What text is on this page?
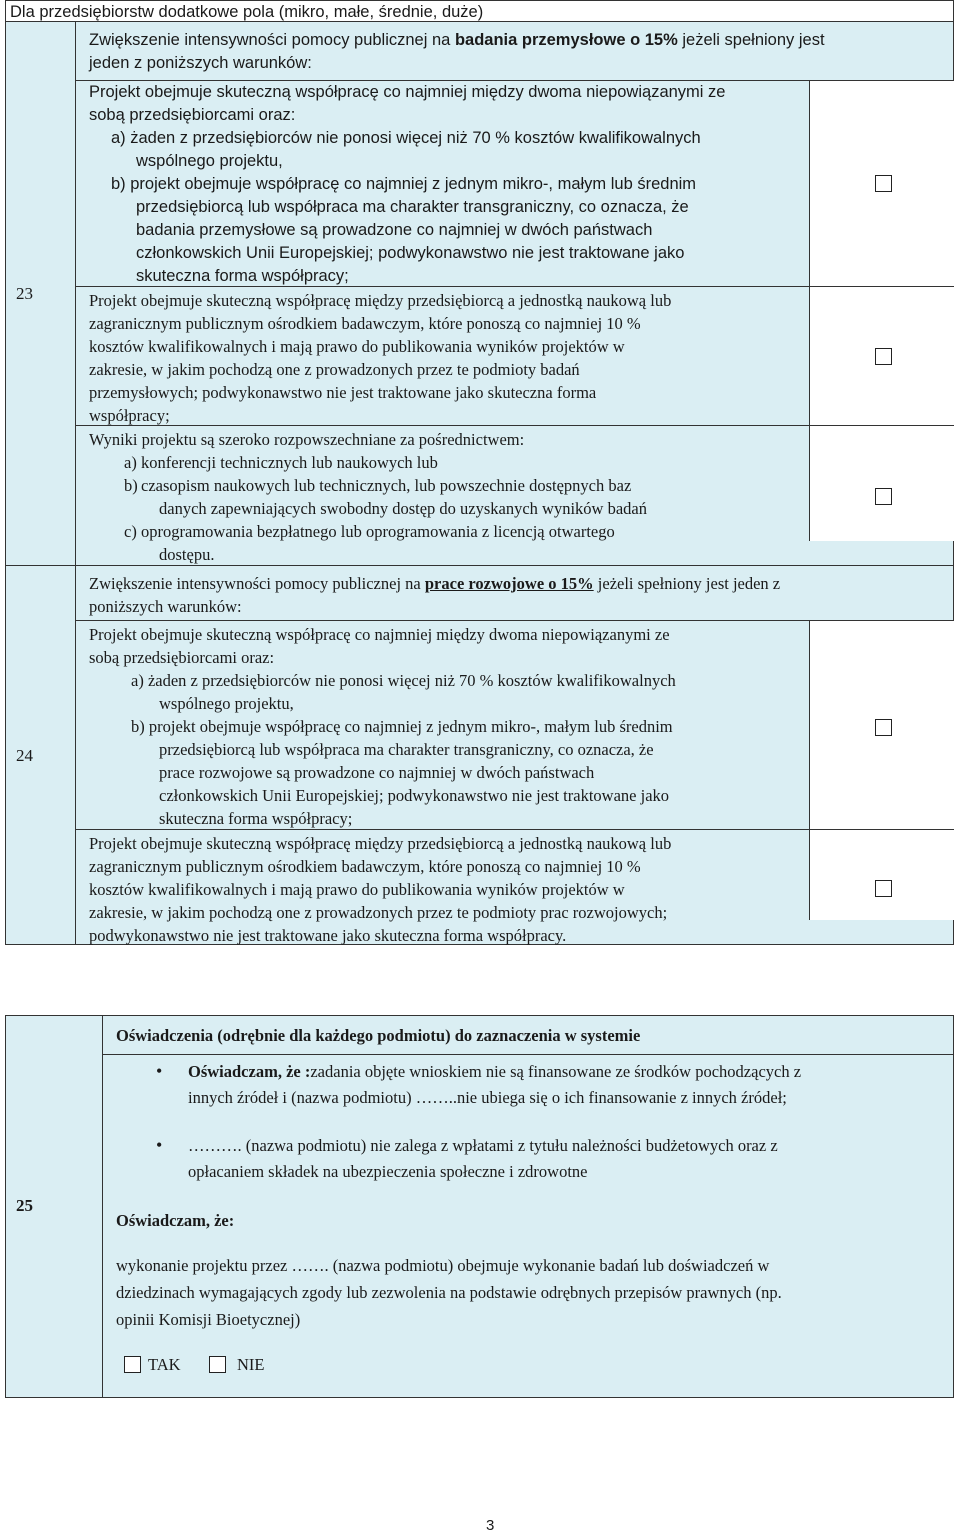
Dla przedsiębiorstw dodatkowe pola (mikro, małe, średnie, duże)
23
24
Zwiększenie intensywności pomocy publicznej na badania przemysłowe o 15% jeżeli spełniony jest
jeden z poniższych warunków:
Projekt obejmuje skuteczną współpracę co najmniej między dwoma niepowiązanymi ze
sobą przedsiębiorcami oraz:
a) żaden z przedsiębiorców nie ponosi więcej niż 70 % kosztów kwalifikowalnych
wspólnego projektu,
b) projekt obejmuje współpracę co najmniej z jednym mikro-, małym lub średnim
przedsiębiorcą lub współpraca ma charakter transgraniczny, co oznacza, że
badania przemysłowe są prowadzone co najmniej w dwóch państwach
członkowskich Unii Europejskiej; podwykonawstwo nie jest traktowane jako
skuteczna forma współpracy;
Projekt obejmuje skuteczną współpracę między przedsiębiorcą a jednostką naukową lub
zagranicznym publicznym ośrodkiem badawczym, które ponoszą co najmniej 10 %
kosztów kwalifikowalnych i mają prawo do publikowania wyników projektów w
zakresie, w jakim pochodzą one z prowadzonych przez te podmioty badań
przemysłowych; podwykonawstwo nie jest traktowane jako skuteczna forma
współpracy;
Wyniki projektu są szeroko rozpowszechniane za pośrednictwem:
a) konferencji technicznych lub naukowych lub
b) czasopism naukowych lub technicznych, lub powszechnie dostępnych baz
danych zapewniających swobodny dostęp do uzyskanych wyników badań
c) oprogramowania bezpłatnego lub oprogramowania z licencją otwartego
dostępu.
Zwiększenie intensywności pomocy publicznej na prace rozwojowe o 15% jeżeli spełniony jest jeden z
poniższych warunków:
Projekt obejmuje skuteczną współpracę co najmniej między dwoma niepowiązanymi ze
sobą przedsiębiorcami oraz:
a) żaden z przedsiębiorców nie ponosi więcej niż 70 % kosztów kwalifikowalnych
wspólnego projektu,
b) projekt obejmuje współpracę co najmniej z jednym mikro-, małym lub średnim
przedsiębiorcą lub współpraca ma charakter transgraniczny, co oznacza, że
prace rozwojowe są prowadzone co najmniej w dwóch państwach
członkowskich Unii Europejskiej; podwykonawstwo nie jest traktowane jako
skuteczna forma współpracy;
Projekt obejmuje skuteczną współpracę między przedsiębiorcą a jednostką naukową lub
zagranicznym publicznym ośrodkiem badawczym, które ponoszą co najmniej 10 %
kosztów kwalifikowalnych i mają prawo do publikowania wyników projektów w
zakresie, w jakim pochodzą one z prowadzonych przez te podmioty prac rozwojowych;
podwykonawstwo nie jest traktowane jako skuteczna forma współpracy.
25
Oświadczenia (odrębnie dla każdego podmiotu) do zaznaczenia w systemie
• Oświadczam, że :zadania objęte wnioskiem nie są finansowane ze środków pochodzących z
innych źródeł i (nazwa podmiotu) ……..nie ubiega się o ich finansowanie z innych źródeł;
• ………. (nazwa podmiotu) nie zalega z wpłatami z tytułu należności budżetowych oraz z
opłacaniem składek na ubezpieczenia społeczne i zdrowotne
Oświadczam, że:
wykonanie projektu przez ……. (nazwa podmiotu) obejmuje wykonanie badań lub doświadczeń w
dziedzinach wymagających zgody lub zezwolenia na podstawie odrębnych przepisów prawnych (np.
opinii Komisji Bioetycznej)
TAK	NIE
3
